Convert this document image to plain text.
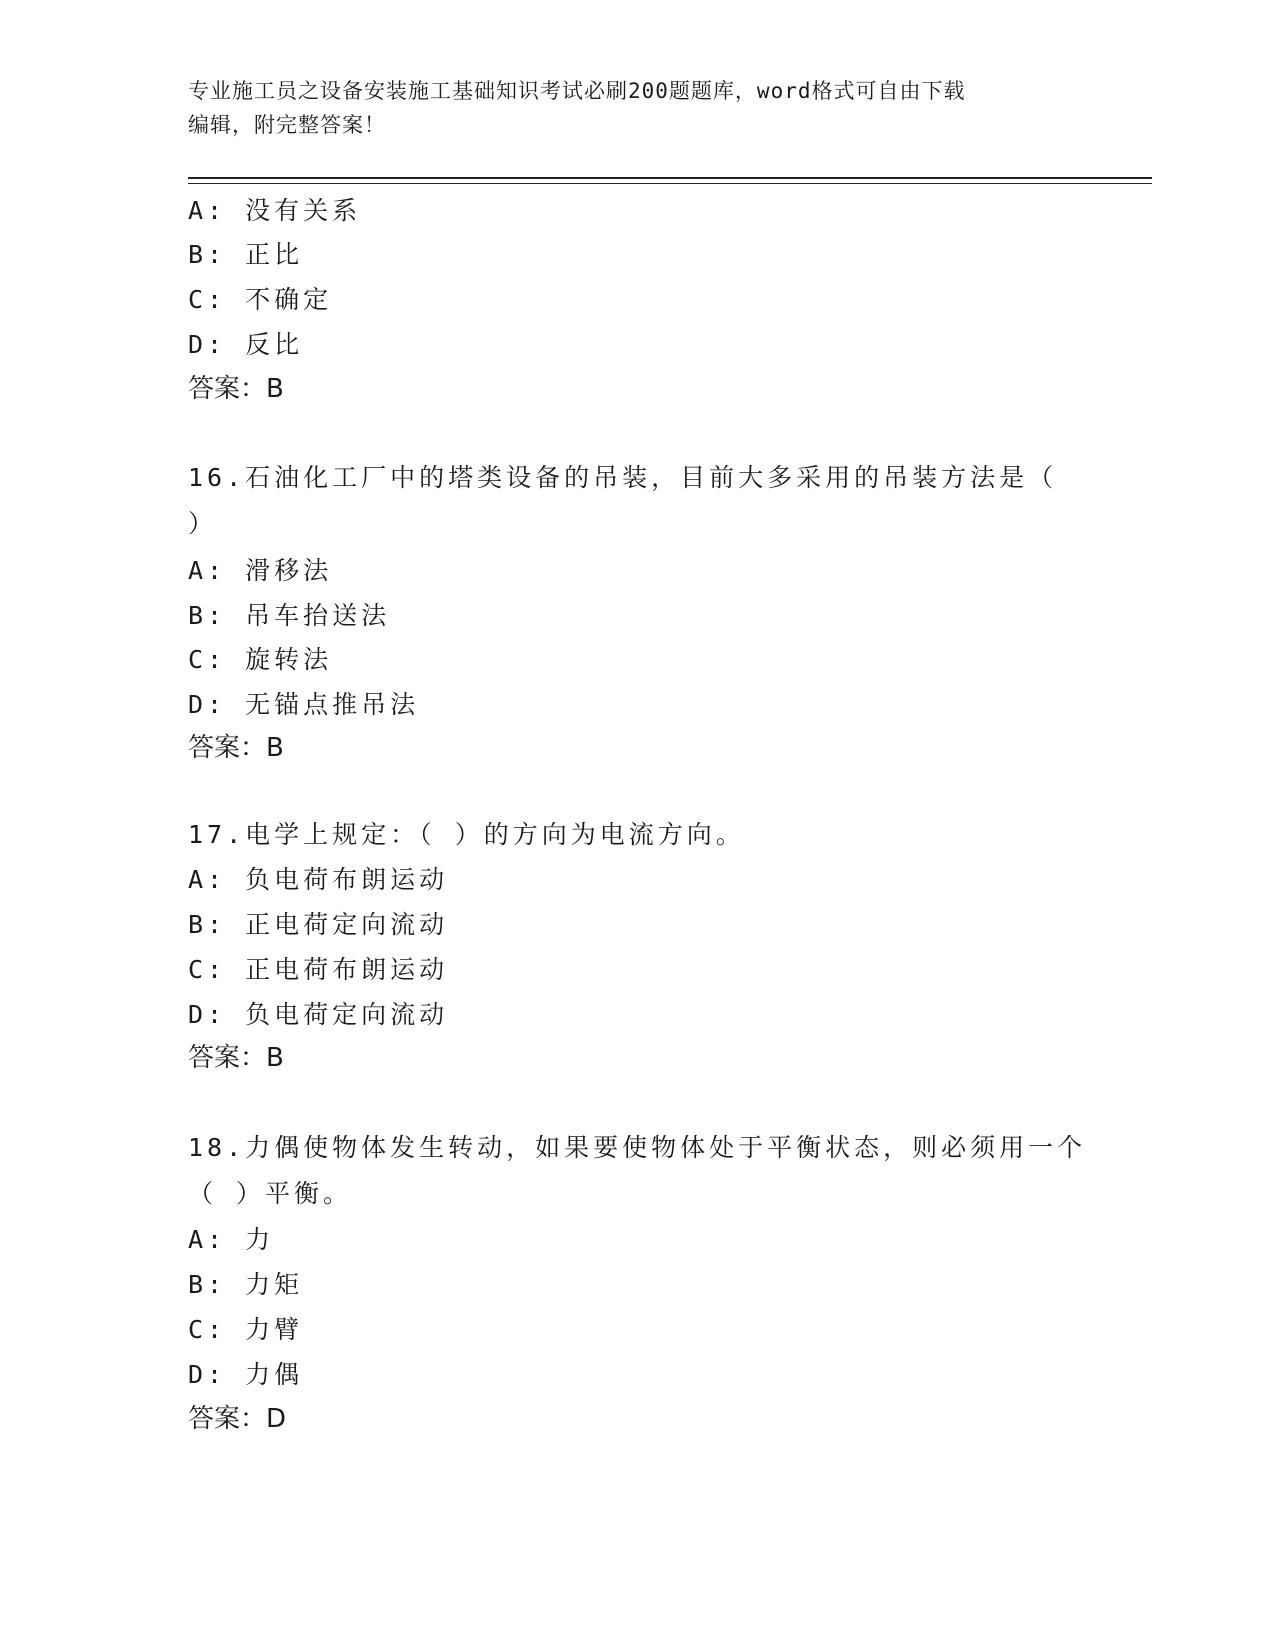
专业施工员之设备安装施工基础知识考试必刷200题题库，word格式可自由下载
编辑，附完整答案！
A: 没有关系
B: 正比
C: 不确定
D: 反比
答案：B
16.石油化工厂中的塔类设备的吊装，目前大多采用的吊装方法是（ ）
A: 滑移法
B: 吊车抬送法
C: 旋转法
D: 无锚点推吊法
答案：B
17.电学上规定：（ ）的方向为电流方向。
A: 负电荷布朗运动
B: 正电荷定向流动
C: 正电荷布朗运动
D: 负电荷定向流动
答案：B
18.力偶使物体发生转动，如果要使物体处于平衡状态，则必须用一个（ ）平衡。
A: 力
B: 力矩
C: 力臂
D: 力偶
答案：D
